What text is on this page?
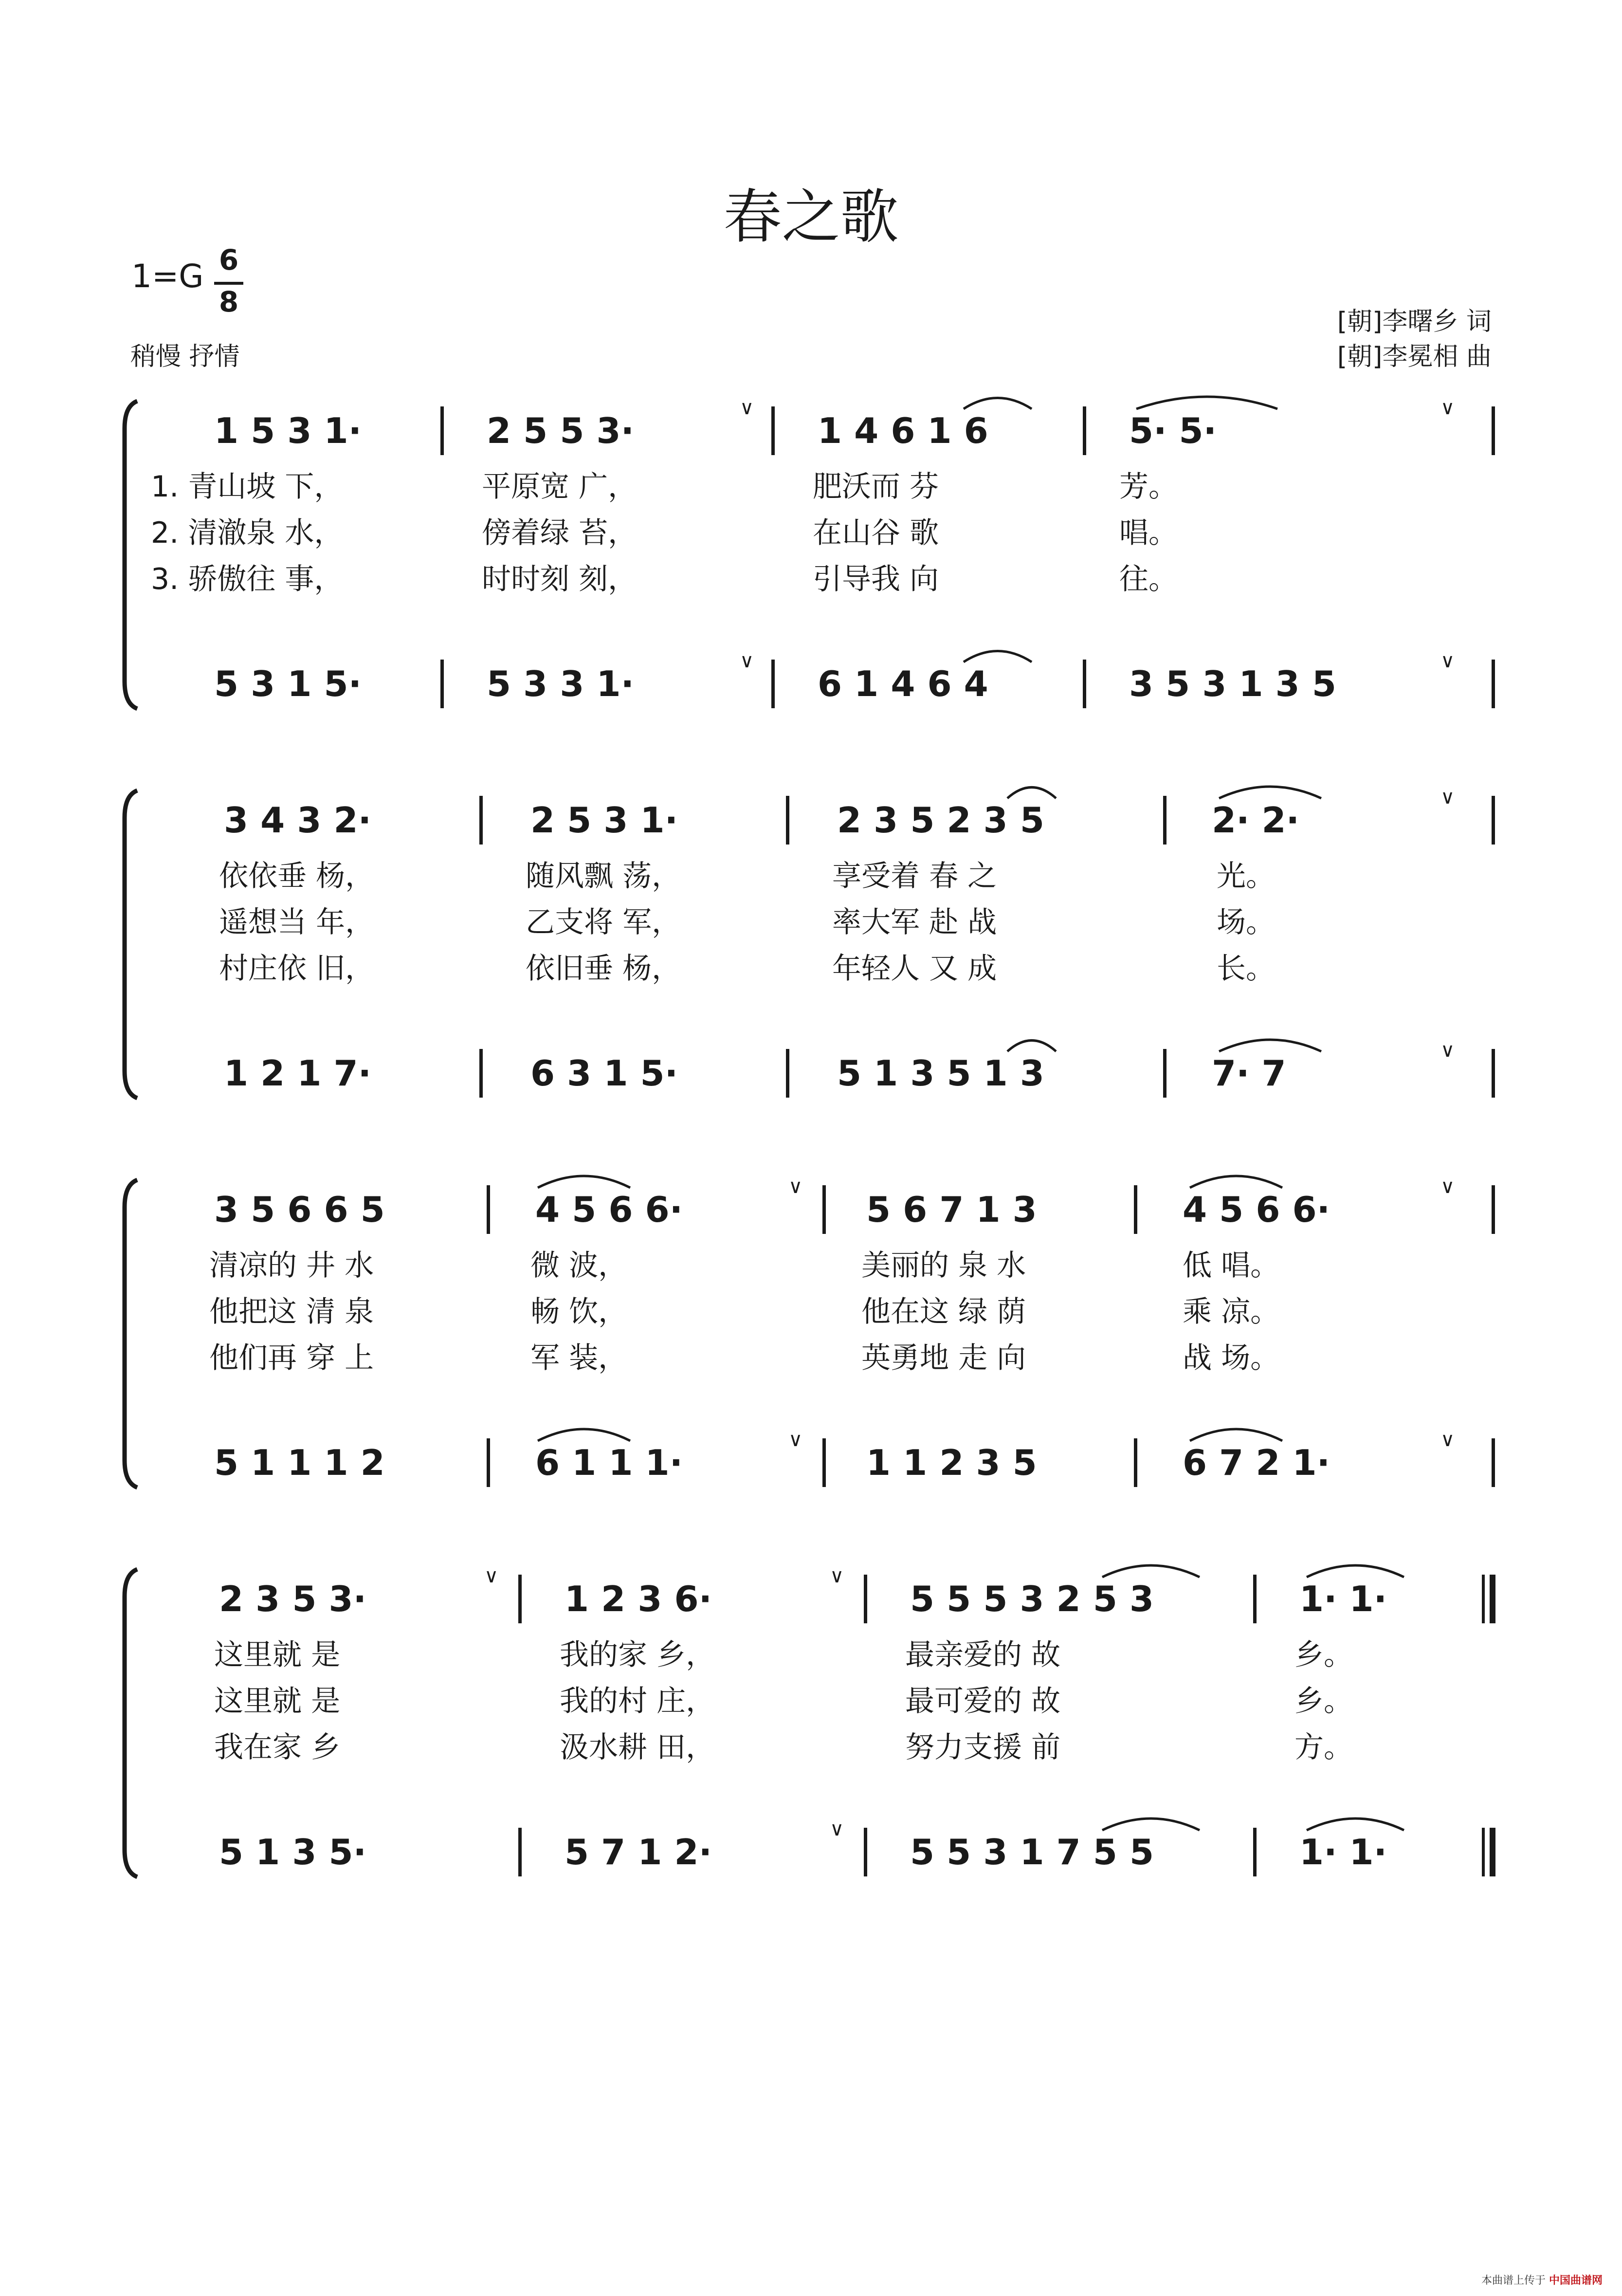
春之歌
1=G 6
8
稍慢 抒情
[朝]李曙乡 词
[朝]李冕相 曲
1 5 3 1·	2 5 5 3·
∨
1 4 6 1 6	5· 5·
∨
1. 青山坡 下，	平原宽 广，	肥沃而 芬	芳。
2. 清澈泉 水，	傍着绿 苔，	在山谷 歌	唱。
3. 骄傲往 事，	时时刻 刻，	引导我 向	往。
5 3 1 5·	5 3 3 1·
∨
6 1 4 6 4	3 5 3 1 3 5
∨
3 4 3 2·	2 5 3 1·	2 3 5 2 3 5	2· 2·
∨
依依垂 杨，	随风飘 荡，	享受着 春 之	光。
遥想当 年，	乙支将 军，	率大军 赴 战	场。
村庄依 旧，	依旧垂 杨，	年轻人 又 成	长。
1 2 1 7·	6 3 1 5·	5 1 3 5 1 3	7· 7
∨
3 5 6 6 5	4 5 6 6·
∨
5 6 7 1 3	4 5 6 6·
∨
清凉的 井 水	微 波，	美丽的 泉 水	低 唱。
他把这 清 泉	畅 饮，	他在这 绿 荫	乘 凉。
他们再 穿 上	军 装，	英勇地 走 向	战 场。
5 1 1 1 2	6 1 1 1·
∨
1 1 2 3 5	6 7 2 1·
∨
2 3 5 3·
∨
1 2 3 6·
∨
5 5 5 3 2 5 3	1· 1·
这里就 是	我的家 乡，	最亲爱的 故	乡。
这里就 是	我的村 庄，	最可爱的 故	乡。
我在家 乡	汲水耕 田，	努力支援 前	方。
5 1 3 5·	5 7 1 2·
∨
5 5 3 1 7 5 5	1· 1·
本曲谱上传于 中国曲谱网
